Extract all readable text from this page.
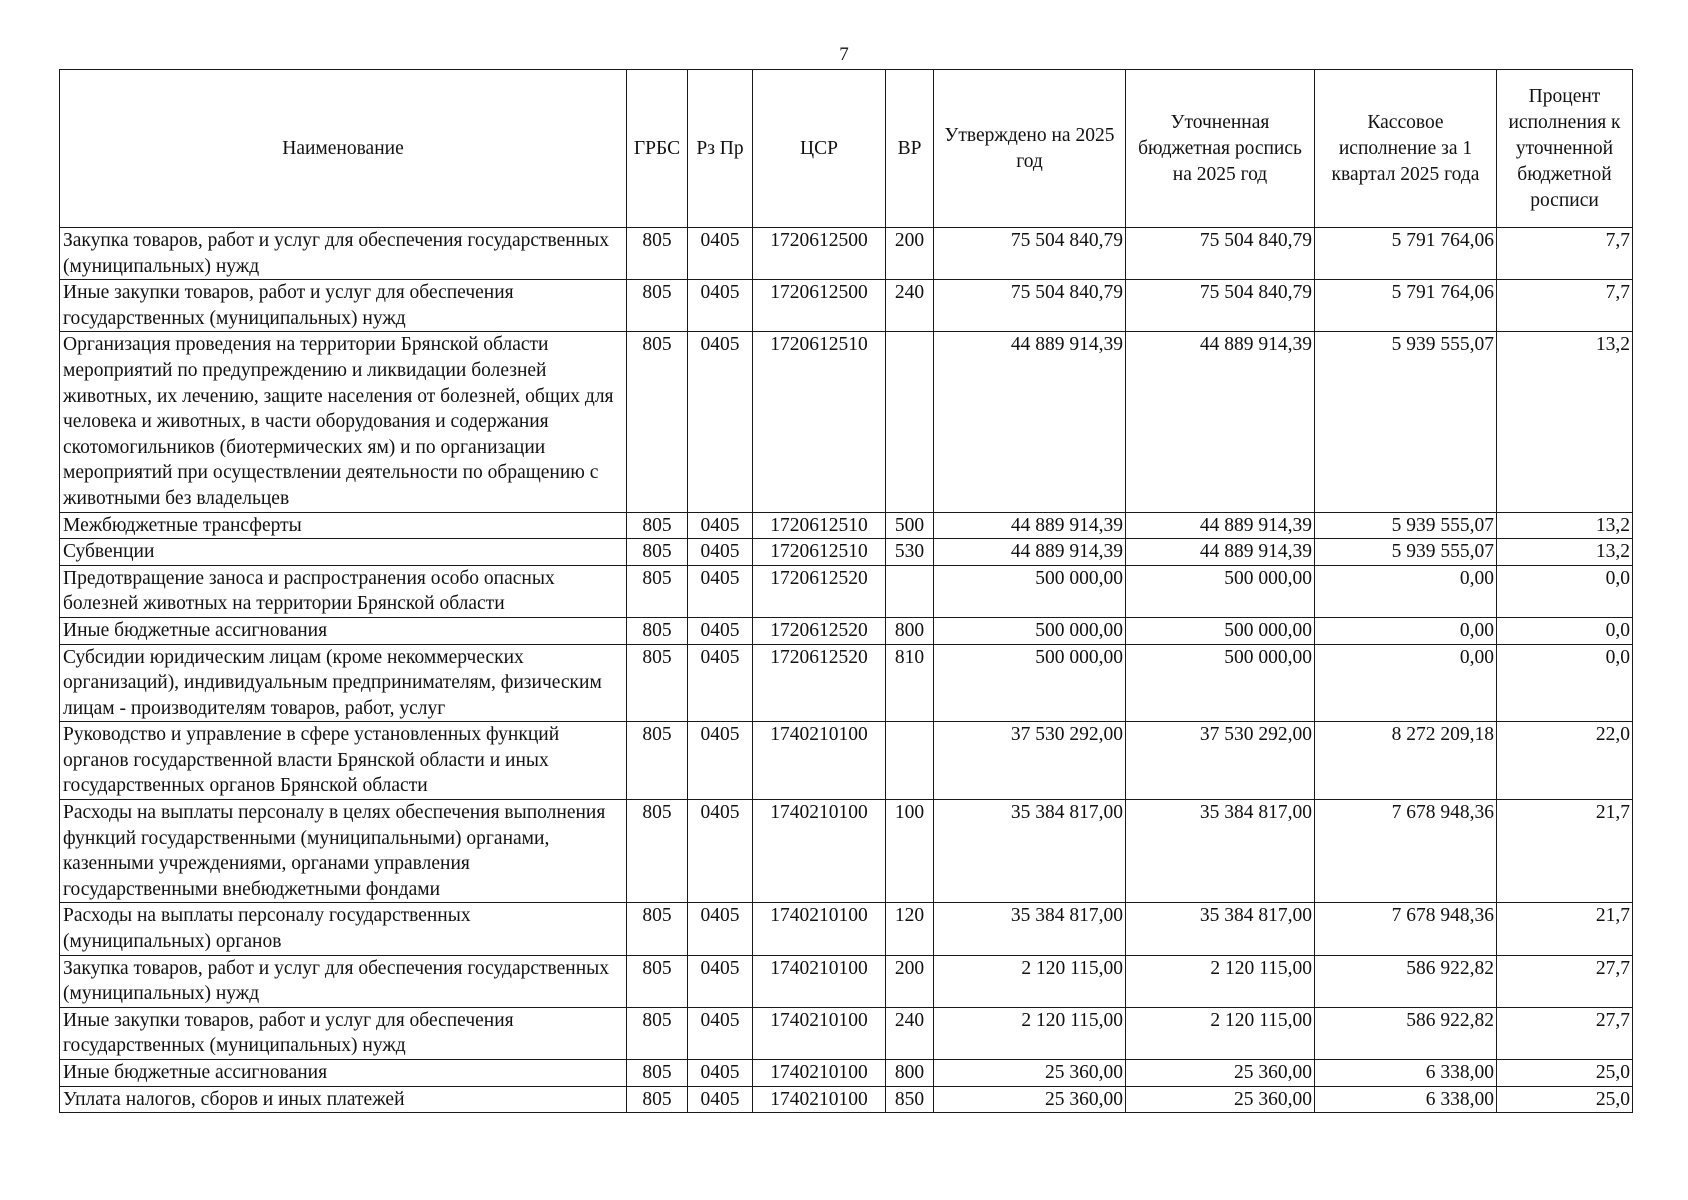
7
Наименование	ГРБС	Рз Пр	ЦСР	ВР	Утверждено на 2025 год	Уточненная бюджетная роспись на 2025 год	Кассовое исполнение за 1 квартал 2025 года	Процент исполнения к уточненной бюджетной росписи
Закупка товаров, работ и услуг для обеспечения государственных (муниципальных) нужд	805	0405	1720612500	200	75 504 840,79	75 504 840,79	5 791 764,06	7,7
Иные закупки товаров, работ и услуг для обеспечения государственных (муниципальных) нужд	805	0405	1720612500	240	75 504 840,79	75 504 840,79	5 791 764,06	7,7
Организация проведения на территории Брянской области мероприятий по предупреждению и ликвидации болезней животных, их лечению, защите населения от болезней, общих для человека и животных, в части оборудования и содержания скотомогильников (биотермических ям) и по организации мероприятий при осуществлении деятельности по обращению с животными без владельцев	805	0405	1720612510		44 889 914,39	44 889 914,39	5 939 555,07	13,2
Межбюджетные трансферты	805	0405	1720612510	500	44 889 914,39	44 889 914,39	5 939 555,07	13,2
Субвенции	805	0405	1720612510	530	44 889 914,39	44 889 914,39	5 939 555,07	13,2
Предотвращение заноса и распространения особо опасных болезней животных на территории Брянской области	805	0405	1720612520		500 000,00	500 000,00	0,00	0,0
Иные бюджетные ассигнования	805	0405	1720612520	800	500 000,00	500 000,00	0,00	0,0
Субсидии юридическим лицам (кроме некоммерческих организаций), индивидуальным предпринимателям, физическим лицам - производителям товаров, работ, услуг	805	0405	1720612520	810	500 000,00	500 000,00	0,00	0,0
Руководство и управление в сфере установленных функций органов государственной власти Брянской области и иных государственных органов Брянской области	805	0405	1740210100		37 530 292,00	37 530 292,00	8 272 209,18	22,0
Расходы на выплаты персоналу в целях обеспечения выполнения функций государственными (муниципальными) органами, казенными учреждениями, органами управления государственными внебюджетными фондами	805	0405	1740210100	100	35 384 817,00	35 384 817,00	7 678 948,36	21,7
Расходы на выплаты персоналу государственных (муниципальных) органов	805	0405	1740210100	120	35 384 817,00	35 384 817,00	7 678 948,36	21,7
Закупка товаров, работ и услуг для обеспечения государственных (муниципальных) нужд	805	0405	1740210100	200	2 120 115,00	2 120 115,00	586 922,82	27,7
Иные закупки товаров, работ и услуг для обеспечения государственных (муниципальных) нужд	805	0405	1740210100	240	2 120 115,00	2 120 115,00	586 922,82	27,7
Иные бюджетные ассигнования	805	0405	1740210100	800	25 360,00	25 360,00	6 338,00	25,0
Уплата налогов, сборов и иных платежей	805	0405	1740210100	850	25 360,00	25 360,00	6 338,00	25,0
